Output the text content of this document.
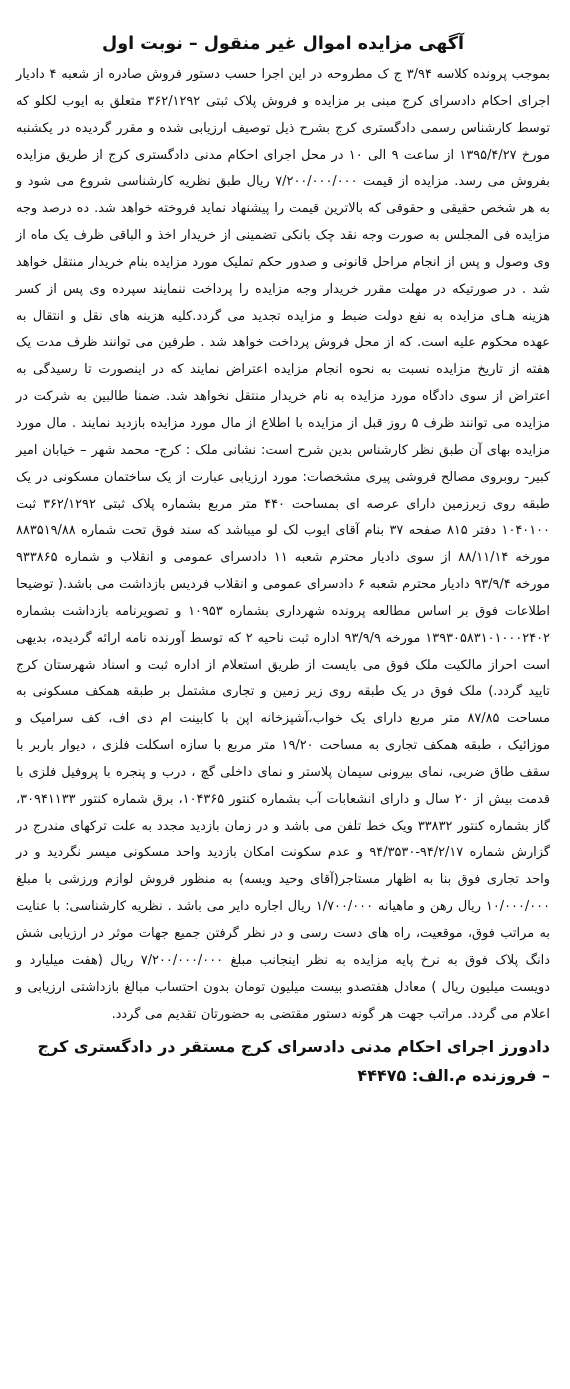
آگهی مزایده اموال غیر منقول – نوبت اول

بموجب پرونده کلاسه ۳/۹۴ ج ک مطروحه در این اجرا حسب دستور فروش صادره از شعبه ۴ دادیار اجرای احکام دادسرای کرج مبنی بر مزایده و فروش پلاک ثبتی ۳۶۲/۱۲۹۲ متعلق به ایوب لکلو که توسط کارشناس رسمی دادگستری کرج بشرح ذیل توصیف ارزیابی شده و مقرر گردیده در یکشنبه مورخ ۱۳۹۵/۴/۲۷ از ساعت ۹ الی ۱۰ در محل اجرای احکام مدنی دادگستری کرج از طریق مزایده بفروش می رسد. مزایده از قیمت ۷/۲۰۰/۰۰۰/۰۰۰ ریال طبق نظریه کارشناسی شروع می شود و به هر شخص حقیقی و حقوقی که بالاترین قیمت را پیشنهاد نماید فروخته خواهد شد. ده درصد وجه مزایده فی المجلس به صورت وجه نقد چک بانکی تضمینی از خریدار اخذ و الباقی ظرف یک ماه از وی وصول و پس از انجام مراحل قانونی و صدور حکم تملیک مورد مزایده بنام خریدار منتقل خواهد شد . در صورتیکه در مهلت مقرر خریدار وجه مزایده را پرداخت ننمایند سپرده وی پس از کسر هزینه هـای مزایده به نفع دولت ضبط و مزایده تجدید می گردد.کلیه هزینه های نقل و انتقال به عهده محکوم علیه است. که از محل فروش پرداخت خواهد شد . طرفین می توانند ظرف مدت یک هفته از تاریخ مزایده نسبت به نحوه انجام مزایده اعتراض نمایند که در اینصورت تا رسیدگی به اعتراض از سوی دادگاه مورد مزایده به نام خریدار منتقل نخواهد شد. ضمنا طالبین به شرکت در مزایده می توانند ظرف ۵ روز قبل از مزایده با اطلاع از مال مورد مزایده بازدید نمایند . مال مورد مزایده بهای آن طبق نظر کارشناس بدین شرح است: نشانی ملک : کرج- محمد شهر – خیابان امیر کبیر- روبروی مصالح فروشی پیری مشخصات: مورد ارزیابی عبارت از یک ساختمان مسکونی در یک طبقه روی زیرزمین دارای عرصه ای بمساحت ۴۴۰ متر مربع بشماره پلاک ثبتی ۳۶۲/۱۲۹۲ ثبت ۱۰۴۰۱۰۰ دفتر ۸۱۵ صفحه ۳۷ بنام آقای ایوب لک لو میباشد که سند فوق تحت شماره ۸۸۳۵۱۹/۸۸ مورخه ۸۸/۱۱/۱۴ از سوی دادیار محترم شعبه ۱۱ دادسرای عمومی و انقلاب و شماره ۹۳۳۸۶۵ مورخه ۹۳/۹/۴ دادیار محترم شعبه ۶ دادسرای عمومی و انقلاب فردیس بازداشت می باشد.( توضیحا اطلاعات فوق بر اساس مطالعه پرونده شهرداری بشماره ۱۰۹۵۳ و تصویرنامه بازداشت بشماره ۱۳۹۳۰۵۸۳۱۰۱۰۰۰۲۴۰۲ مورخه ۹۳/۹/۹ اداره ثبت ناحیه ۲ که توسط آورنده نامه ارائه گردیده، بدیهی است احراز مالکیت ملک فوق می بایست از طریق استعلام از اداره ثبت و اسناد شهرستان کرج تایید گردد.) ملک فوق در یک طبقه روی زیر زمین و تجاری مشتمل بر طبقه همکف مسکونی به مساحت ۸۷/۸۵ متر مربع دارای یک خواب،آشپزخانه اپن با کابینت ام دی اف، کف سرامیک و موزائیک ، طبقه همکف تجاری به مساحت ۱۹/۲۰ متر مربع با سازه اسکلت فلزی ، دیوار باربر با سقف طاق ضربی، نمای بیرونی سیمان پلاستر و نمای داخلی گچ ، درب و پنجره با پروفیل فلزی با قدمت بیش از ۲۰ سال و دارای انشعابات آب بشماره کنتور ۱۰۴۳۶۵، برق شماره کنتور ۳۰۹۴۱۱۳۳، گاز بشماره کنتور ۳۳۸۳۲ ویک خط تلفن می باشد و در زمان بازدید مجدد به علت ترکهای مندرج در گزارش شماره ۹۴/۲/۱۷-۹۴/۳۵۳۰ و عدم سکونت امکان بازدید واحد مسکونی میسر نگردید و در واحد تجاری فوق بنا به اظهار مستاجر(آقای وحید ویسه) به منظور فروش لوازم ورزشی با مبلغ ۱۰/۰۰۰/۰۰۰ ریال رهن و ماهیانه ۱/۷۰۰/۰۰۰ ریال اجاره دایر می باشد . نظریه کارشناسی: با عنایت به مراتب فوق، موقعیت، راه های دست رسی و در نظر گرفتن جمیع جهات موثر در ارزیابی شش دانگ پلاک فوق به نرخ پایه مزایده به نظر اینجانب مبلغ ۷/۲۰۰/۰۰۰/۰۰۰ ریال (هفت میلیارد و دویست میلیون ریال ) معادل هفتصدو بیست میلیون تومان بدون احتساب مبالغ بازداشتی ارزیابی و اعلام می گردد. مراتب جهت هر گونه دستور مقتضی به حضورتان تقدیم می گردد.

دادورز اجرای احکام مدنی دادسرای کرج مستقر در دادگستری کرج
– فروزنده م.الف: ۴۴۴۷۵
